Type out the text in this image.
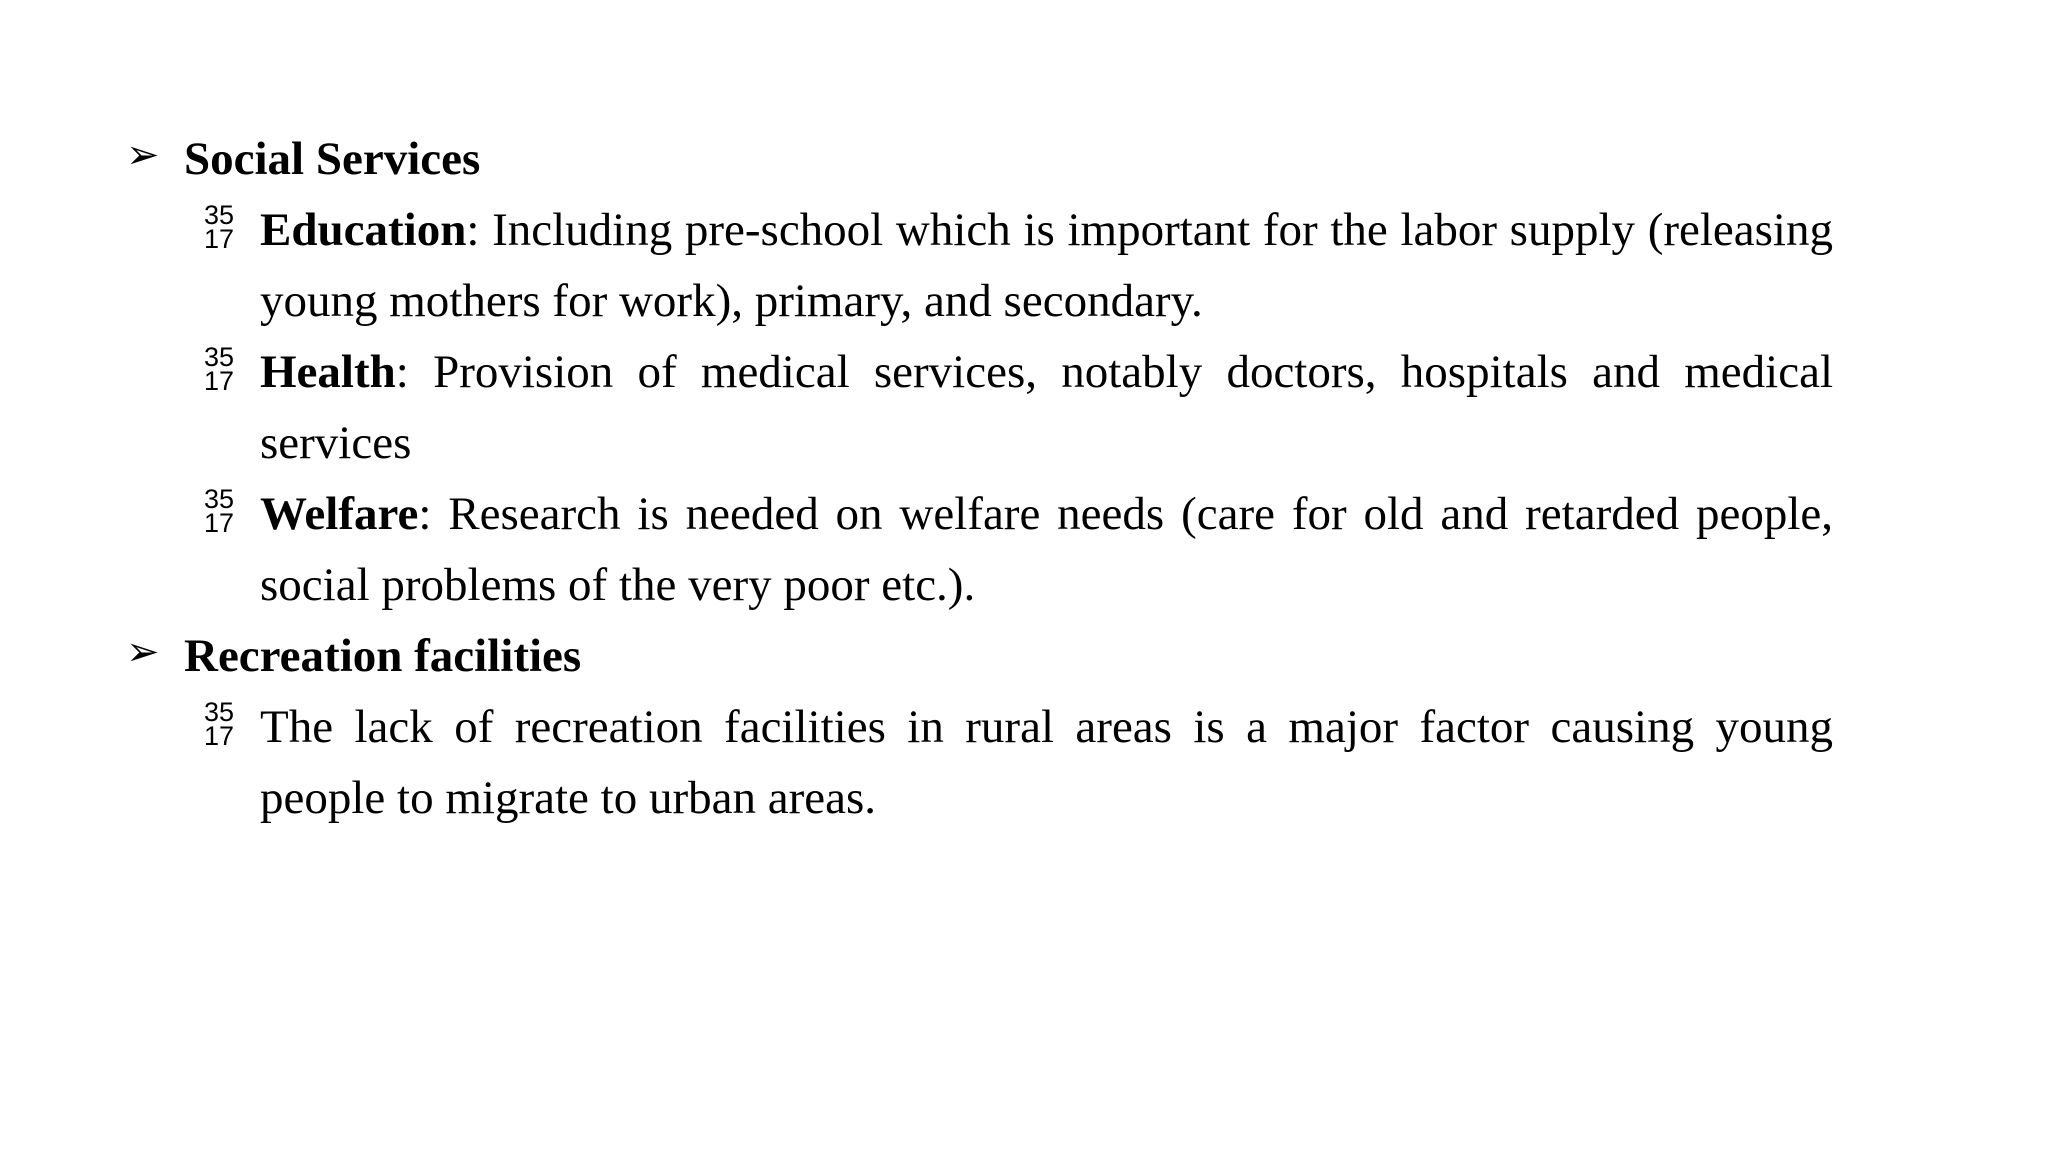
➢ Social Services
35
17 Education: Including pre-school which is important for the labor supply (releasing young mothers for work), primary, and secondary.
35
17 Health: Provision of medical services, notably doctors, hospitals and medical services
35
17 Welfare: Research is needed on welfare needs (care for old and retarded people, social problems of the very poor etc.).
➢ Recreation facilities
35
17 The lack of recreation facilities in rural areas is a major factor causing young people to migrate to urban areas.
